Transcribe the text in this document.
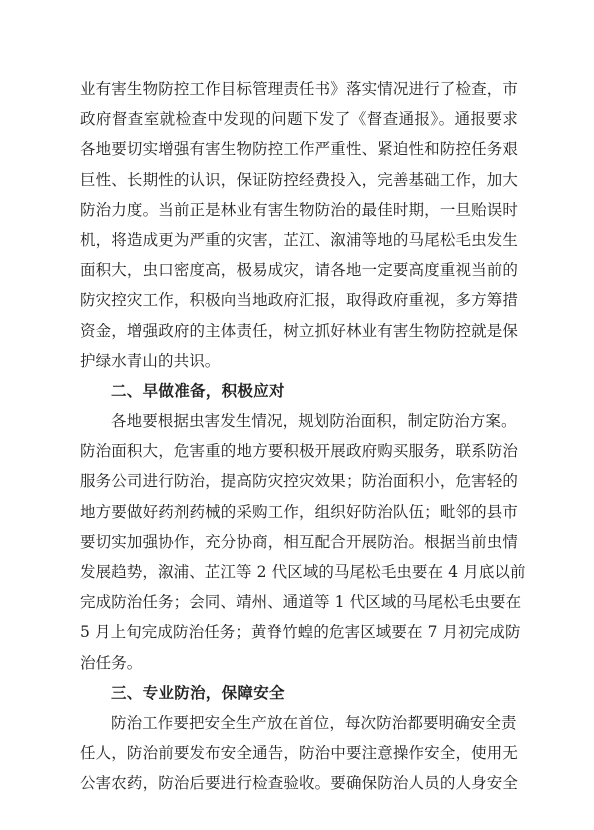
业有害生物防控工作目标管理责任书》落实情况进行了检查，市
政府督查室就检查中发现的问题下发了《督查通报》。通报要求
各地要切实增强有害生物防控工作严重性、紧迫性和防控任务艰
巨性、长期性的认识，保证防控经费投入，完善基础工作，加大
防治力度。当前正是林业有害生物防治的最佳时期，一旦贻误时
机，将造成更为严重的灾害，芷江、溆浦等地的马尾松毛虫发生
面积大，虫口密度高，极易成灾，请各地一定要高度重视当前的
防灾控灾工作，积极向当地政府汇报，取得政府重视，多方筹措
资金，增强政府的主体责任，树立抓好林业有害生物防控就是保
护绿水青山的共识。
二、早做准备，积极应对
各地要根据虫害发生情况，规划防治面积，制定防治方案。
防治面积大，危害重的地方要积极开展政府购买服务，联系防治
服务公司进行防治，提高防灾控灾效果；防治面积小，危害轻的
地方要做好药剂药械的采购工作，组织好防治队伍；毗邻的县市
要切实加强协作，充分协商，相互配合开展防治。根据当前虫情
发展趋势，溆浦、芷江等 2 代区域的马尾松毛虫要在 4 月底以前
完成防治任务；会同、靖州、通道等 1 代区域的马尾松毛虫要在
5 月上旬完成防治任务；黄脊竹蝗的危害区域要在 7 月初完成防
治任务。
三、专业防治，保障安全
防治工作要把安全生产放在首位，每次防治都要明确安全责
任人，防治前要发布安全通告，防治中要注意操作安全，使用无
公害农药，防治后要进行检查验收。要确保防治人员的人身安全
